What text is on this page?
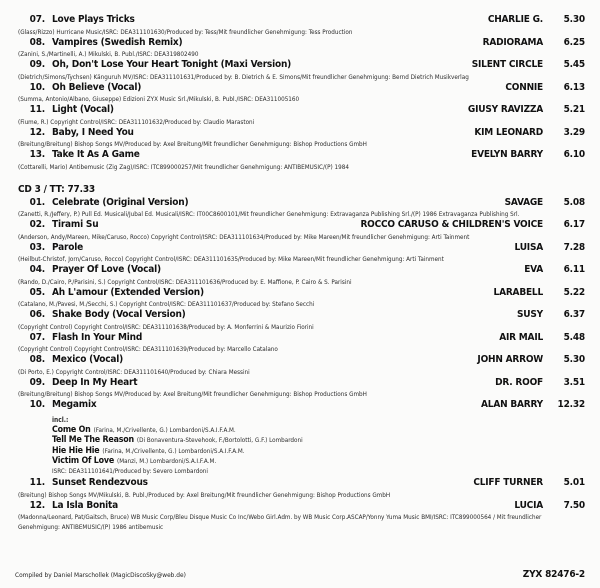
07. Love Plays Tricks	CHARLIE G.	5.30
(Glass/Rizzo) Hurricane Music/ISRC: DEA311101630/Produced by: Tess/Mit freundlicher Genehmigung: Tess Production
08. Vampires (Swedish Remix)	RADIORAMA	6.25
(Zanini, S./Martinelli, A.) Mikulski, B. Publ./ISRC: DEA319802490
09. Oh, Don't Lose Your Heart Tonight (Maxi Version)	SILENT CIRCLE	5.45
(Dietrich/Simons/Tychsen) Känguruh MV/ISRC: DEA311101631/Produced by: B. Dietrich & E. Simons/Mit freundlicher Genehmigung: Bernd Dietrich Musikverlag
10. Oh Believe (Vocal)	CONNIE	6.13
(Summa, Antonio/Albano, Giuseppe) Edizioni ZYX Music Srl./Mikulski, B. Publ./ISRC: DEA311005160
11. Light (Vocal)	GIUSY RAVIZZA	5.21
(Fiume, R.) Copyright Control/ISRC: DEA311101632/Produced by: Claudio Marastoni
12. Baby, I Need You	KIM LEONARD	3.29
(Breitung/Breitung) Bishop Songs MV/Produced by: Axel Breitung/Mit freundlicher Genehmigung: Bishop Productions GmbH
13. Take It As A Game	EVELYN BARRY	6.10
(Cottarelli, Mario) Antibemusic (Zig Zag)/ISRC: ITC899000257/Mit freundlicher Genehmigung: ANTIBEMUSIC/(P) 1984
CD 3 / TT: 77.33
01. Celebrate (Original Version)	SAVAGE	5.08
(Zanetti, R./Jeffery, P.) Pull Ed. Musicali/Jubal Ed. Musicali/ISRC: IT00C8600101/Mit freundlicher Genehmigung: Extravaganza Publishing Srl./(P) 1986 Extravaganza Publishing Srl.
02. Tirami Su	ROCCO CARUSO & CHILDREN'S VOICE	6.17
(Anderson, Andy/Mareen, Mike/Caruso, Rocco) Copyright Control/ISRC: DEA311101634/Produced by: Mike Mareen/Mit freundlicher Genehmigung: Arti Tainment
03. Parole	LUISA	7.28
(Heilbut-Christof, Jorn/Caruso, Rocco) Copyright Control/ISRC: DEA311101635/Produced by: Mike Mareen/Mit freundlicher Genehmigung: Arti Tainment
04. Prayer Of Love (Vocal)	EVA	6.11
(Rando, D./Cairo, P./Parisini, S.) Copyright Control/ISRC: DEA311101636/Produced by: E. Maffione, P. Cairo & S. Parisini
05. Ah L'amour (Extended Version)	LARABELL	5.22
(Catalano, M./Pavesi, M./Secchi, S.) Copyright Control/ISRC: DEA311101637/Produced by: Stefano Secchi
06. Shake Body (Vocal Version)	SUSY	6.37
(Copyright Control) Copyright Control/ISRC: DEA311101638/Produced by: A. Monferrini & Maurizio Fiorini
07. Flash In Your Mind	AIR MAIL	5.48
(Copyright Control) Copyright Control/ISRC: DEA311101639/Produced by: Marcello Catalano
08. Mexico (Vocal)	JOHN ARROW	5.30
(Di Porto, E.) Copyright Control/ISRC: DEA311101640/Produced by: Chiara Messini
09. Deep In My Heart	DR. ROOF	3.51
(Breitung/Breitung) Bishop Songs MV/Produced by: Axel Breitung/Mit freundlicher Genehmigung: Bishop Productions GmbH
10. Megamix	ALAN BARRY	12.32
incl.:
Come On (Farina, M./Crivellente, G.) Lombardoni/S.A.I.F.A.M.
Tell Me The Reason (Di Bonaventura-Stevehook, F./Bortolotti, G.F.) Lombardoni
Hie Hie Hie (Farina, M./Crivellente, G.) Lombardoni/S.A.I.F.A.M.
Victim Of Love (Manzi, M.) Lombardoni/S.A.I.F.A.M.
ISRC: DEA311101641/Produced by: Severo Lombardoni
11. Sunset Rendezvous	CLIFF TURNER	5.01
(Breitung) Bishop Songs MV/Mikulski, B. Publ./Produced by: Axel Breitung/Mit freundlicher Genehmigung: Bishop Productions GmbH
12. La Isla Bonita	LUCIA	7.50
(Madonna/Leonard, Pat/Gaitsch, Bruce) WB Music Corp/Bleu Disque Music Co Inc/Webo Girl.Adm. by WB Music Corp.ASCAP/Yonny Yuma Music BMI/ISRC: ITC899000564 / Mit freundlicher Genehmigung: ANTIBEMUSIC/(P) 1986 antibemusic
Compiled by Daniel Marschollek (MagicDiscoSky@web.de)	ZYX 82476-2
